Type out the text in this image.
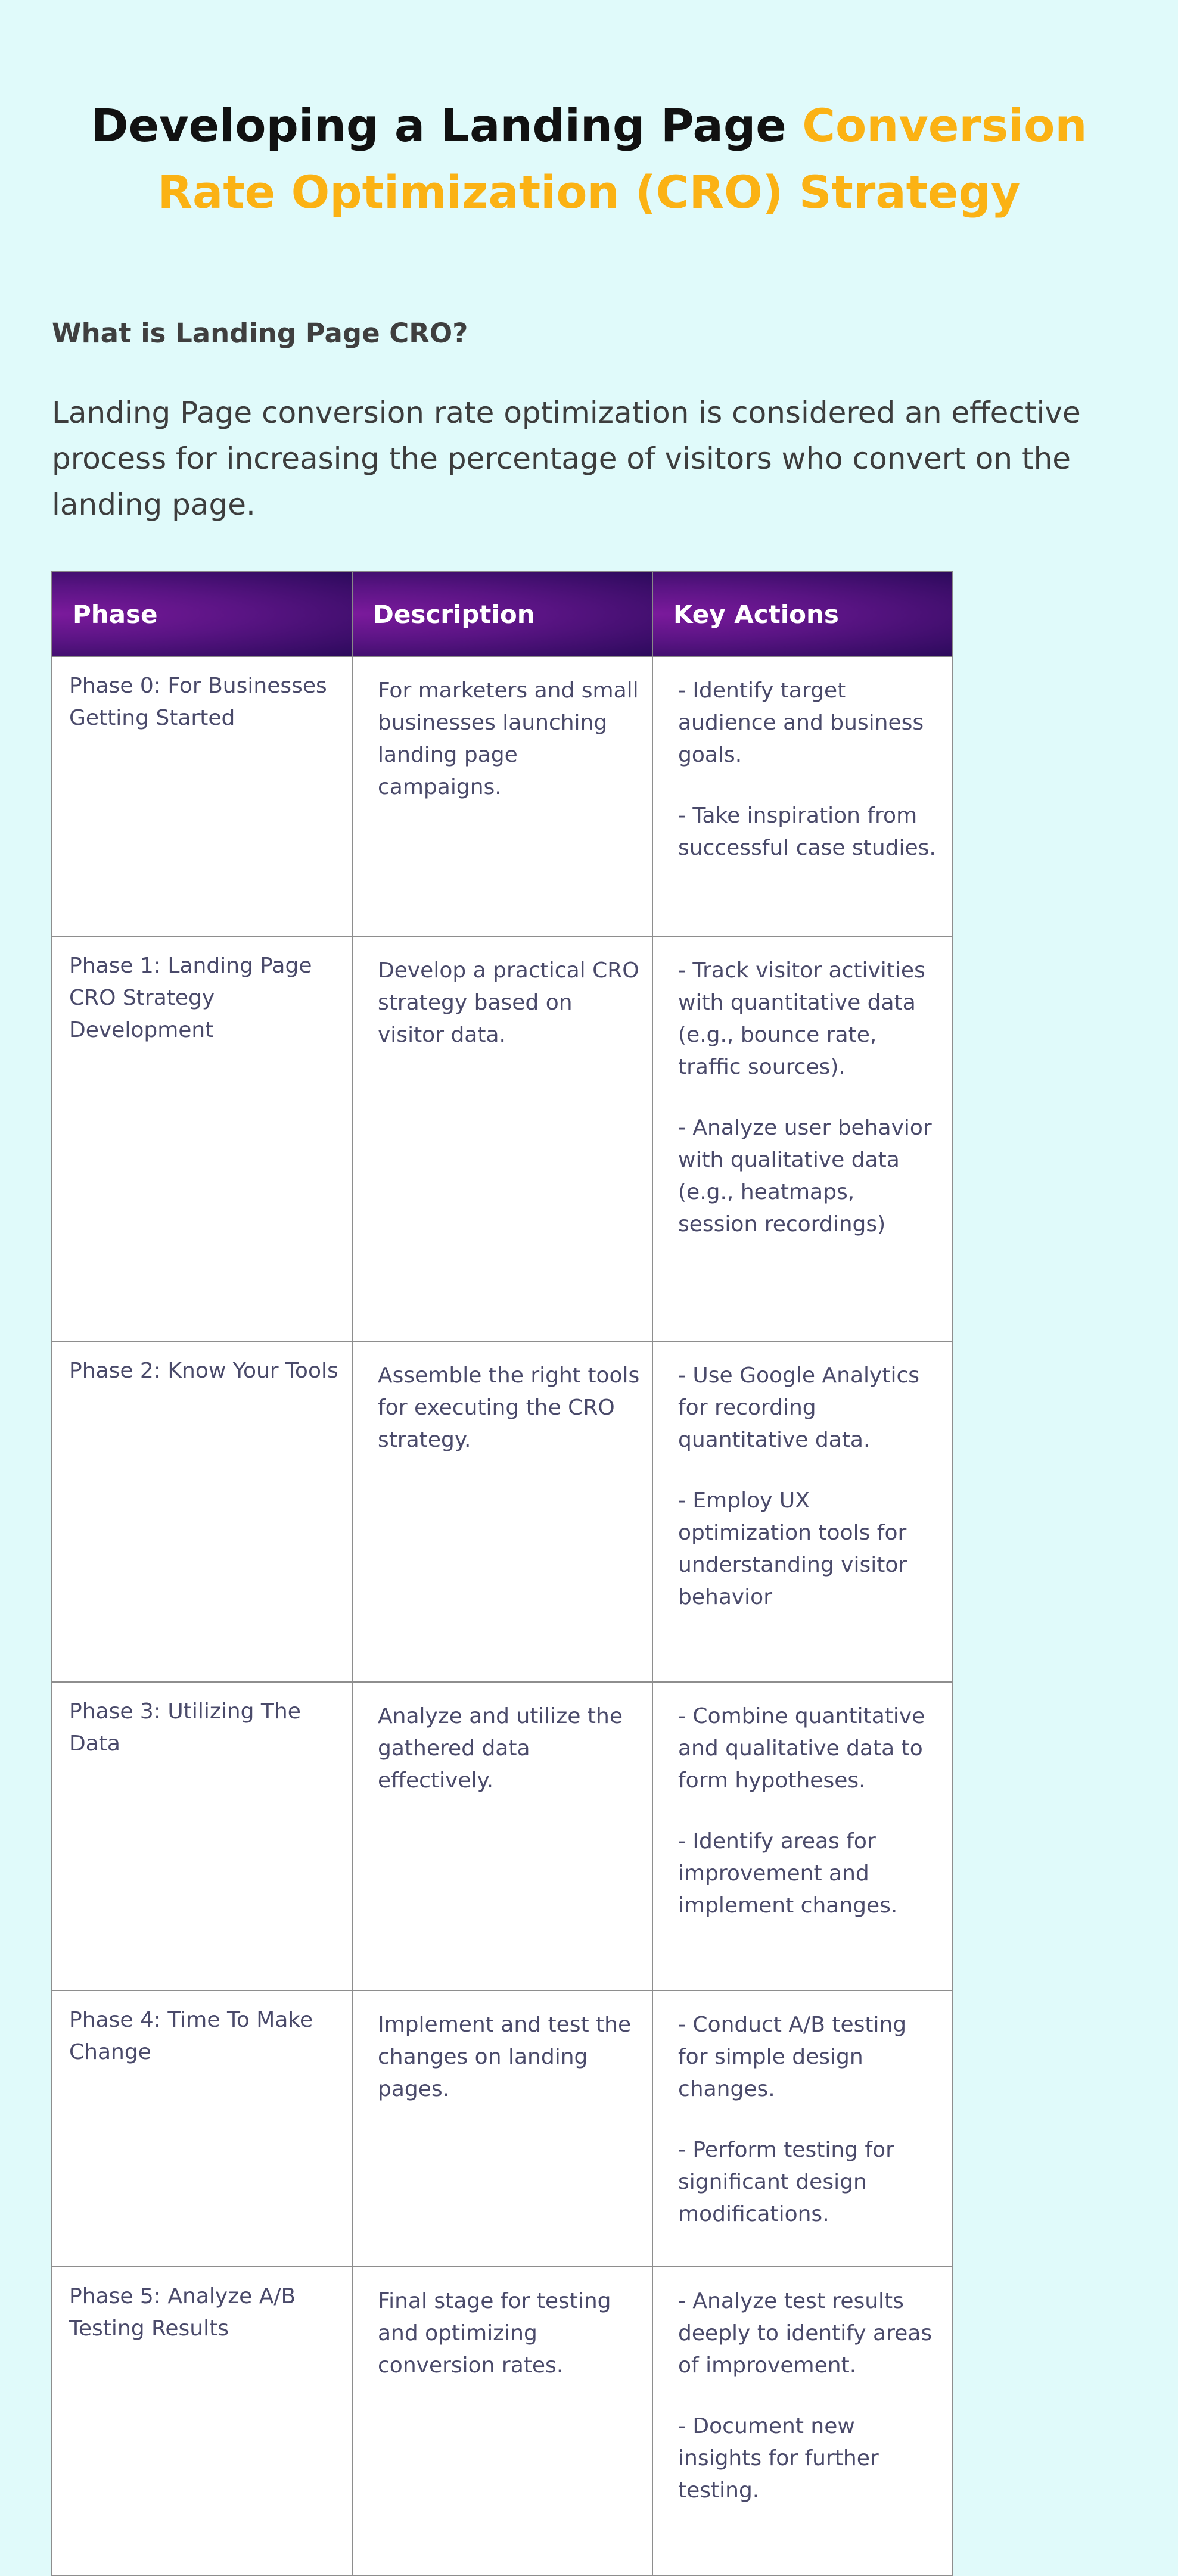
Developing a Landing Page Conversion
Rate Optimization (CRO) Strategy
What is Landing Page CRO?

Landing Page conversion rate optimization is considered an effective process for increasing the percentage of visitors who convert on the landing page.

Phase	Description	Key Actions
Phase 0: For Businesses Getting Started	For marketers and small businesses launching landing page campaigns.	- Identify target audience and business goals.
- Take inspiration from successful case studies.

Phase 1: Landing Page CRO Strategy Development	Develop a practical CRO strategy based on visitor data.	- Track visitor activities with quantitative data (e.g., bounce rate, traffic sources).
- Analyze user behavior with qualitative data (e.g., heatmaps, session recordings)

Phase 2: Know Your Tools	Assemble the right tools for executing the CRO strategy.	- Use Google Analytics for recording quantitative data.
- Employ UX optimization tools for understanding visitor behavior

Phase 3: Utilizing The Data	Analyze and utilize the gathered data effectively.	- Combine quantitative and qualitative data to form hypotheses.
- Identify areas for improvement and implement changes.

Phase 4: Time To Make Change	Implement and test the changes on landing pages.	- Conduct A/B testing for simple design changes.
- Perform testing for significant design modifications.

Phase 5: Analyze A/B Testing Results	Final stage for testing and optimizing conversion rates.	- Analyze test results deeply to identify areas of improvement.
- Document new insights for further testing.
